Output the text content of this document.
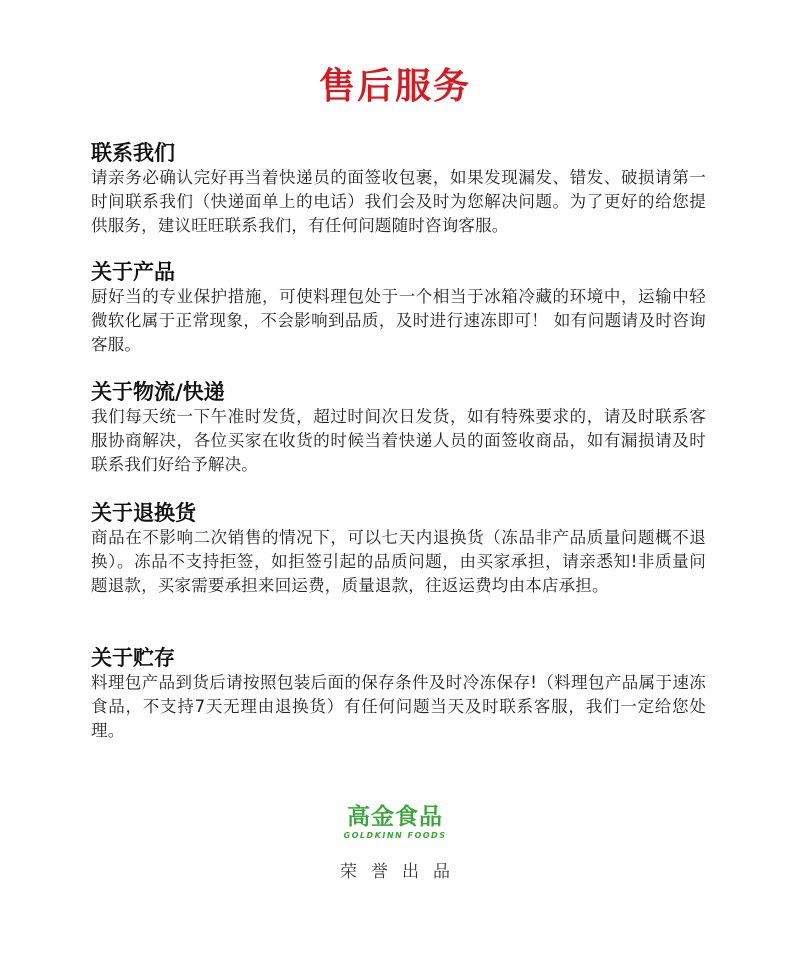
售后服务
联系我们

请亲务必确认完好再当着快递员的面签收包裹，如果发现漏发、错发、破损请第一时间联系我们（快递面单上的电话）我们会及时为您解决问题。为了更好的给您提供服务，建议旺旺联系我们，有任何问题随时咨询客服。

关于产品

厨好当的专业保护措施，可使料理包处于一个相当于冰箱冷藏的环境中，运输中轻微软化属于正常现象，不会影响到品质，及时进行速冻即可！ 如有问题请及时咨询客服。

关于物流/快递

我们每天统一下午准时发货，超过时间次日发货，如有特殊要求的，请及时联系客服协商解决，各位买家在收货的时候当着快递人员的面签收商品，如有漏损请及时联系我们好给予解决。

关于退换货

商品在不影响二次销售的情况下，可以七天内退换货（冻品非产品质量问题概不退换）。冻品不支持拒签，如拒签引起的品质问题，由买家承担，请亲悉知!非质量问题退款，买家需要承担来回运费，质量退款，往返运费均由本店承担。

关于贮存

料理包产品到货后请按照包装后面的保存条件及时冷冻保存!（料理包产品属于速冻食品，不支持7天无理由退换货）有任何问题当天及时联系客服，我们一定给您处理。

高金食品
GOLDKINN FOODS
荣誉出品
